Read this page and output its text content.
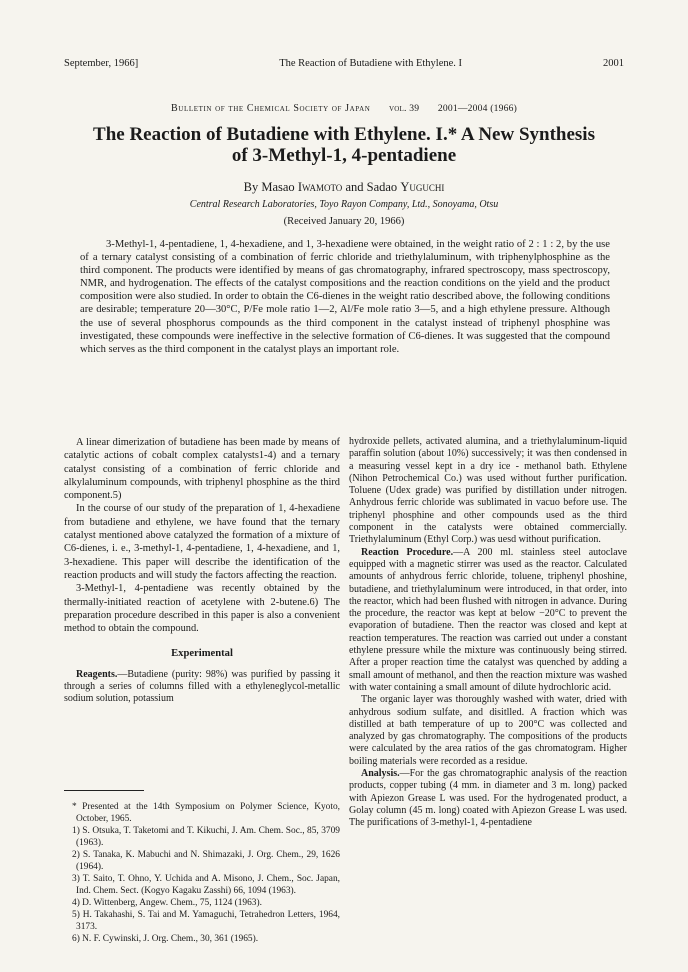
September, 1966]	The Reaction of Butadiene with Ethylene. I	2001
Bulletin of the Chemical Society of Japan vol. 39 2001—2004 (1966)
The Reaction of Butadiene with Ethylene. I.* A New Synthesis
of 3-Methyl-1, 4-pentadiene
By Masao Iwamoto and Sadao Yuguchi
Central Research Laboratories, Toyo Rayon Company, Ltd., Sonoyama, Otsu
(Received January 20, 1966)

3-Methyl-1, 4-pentadiene, 1, 4-hexadiene, and 1, 3-hexadiene were obtained, in the weight ratio of 2 : 1 : 2, by the use of a ternary catalyst consisting of a combination of ferric chloride and triethylaluminum, with triphenylphosphine as the third component. The products were identified by means of gas chromatography, infrared spectroscopy, mass spectroscopy, NMR, and hydrogenation. The effects of the catalyst compositions and the reaction conditions on the yield and the product composition were also studied. In order to obtain the C6-dienes in the weight ratio described above, the following conditions are desirable; temperature 20—30°C, P/Fe mole ratio 1—2, Al/Fe mole ratio 3—5, and a high ethylene pressure. Although the use of several phosphorus compounds as the third component in the catalyst instead of triphenyl phosphine was investigated, these compounds were ineffective in the selective formation of C6-dienes. It was suggested that the compound which serves as the third component in the catalyst plays an important role.

A linear dimerization of butadiene has been made by means of catalytic actions of cobalt complex catalysts1-4) and a ternary catalyst consisting of a combination of ferric chloride and alkylaluminum compounds, with triphenyl phosphine as the third component.5)

In the course of our study of the preparation of 1, 4-hexadiene from butadiene and ethylene, we have found that the ternary catalyst mentioned above catalyzed the formation of a mixture of C6-dienes, i. e., 3-methyl-1, 4-pentadiene, 1, 4-hexadiene, and 1, 3-hexadiene. This paper will describe the identification of the reaction products and will study the factors affecting the reaction.

3-Methyl-1, 4-pentadiene was recently obtained by the thermally-initiated reaction of acetylene with 2-butene.6) The preparation procedure described in this paper is also a convenient method to obtain the compound.

Experimental

Reagents.—Butadiene (purity: 98%) was purified by passing it through a series of columns filled with a ethyleneglycol-metallic sodium solution, potassium

* Presented at the 14th Symposium on Polymer Science, Kyoto, October, 1965.

1) S. Otsuka, T. Taketomi and T. Kikuchi, J. Am. Chem. Soc., 85, 3709 (1963).

2) S. Tanaka, K. Mabuchi and N. Shimazaki, J. Org. Chem., 29, 1626 (1964).

3) T. Saito, T. Ohno, Y. Uchida and A. Misono, J. Chem., Soc. Japan, Ind. Chem. Sect. (Kogyo Kagaku Zasshi) 66, 1094 (1963).

4) D. Wittenberg, Angew. Chem., 75, 1124 (1963).

5) H. Takahashi, S. Tai and M. Yamaguchi, Tetrahedron Letters, 1964, 3173.

6) N. F. Cywinski, J. Org. Chem., 30, 361 (1965).

hydroxide pellets, activated alumina, and a triethylaluminum-liquid paraffin solution (about 10%) successively; it was then condensed in a measuring vessel kept in a dry ice - methanol bath. Ethylene (Nihon Petrochemical Co.) was used without further purification. Toluene (Udex grade) was purified by distillation under nitrogen. Anhydrous ferric chloride was sublimated in vacuo before use. The triphenyl phosphine and other compounds used as the third component in the catalysts were obtained commercially. Triethylaluminum (Ethyl Corp.) was uesd without purification.

Reaction Procedure.—A 200 ml. stainless steel autoclave equipped with a magnetic stirrer was used as the reactor. Calculated amounts of anhydrous ferric chloride, toluene, triphenyl phoshine, butadiene, and triethylaluminum were introduced, in that order, into the reactor, which had been flushed with nitrogen in advance. During the procedure, the reactor was kept at below −20°C to prevent the evaporation of butadiene. Then the reactor was closed and kept at reaction temperatures. The reaction was carried out under a constant ethylene pressure while the mixture was continuously being stirred. After a proper reaction time the catalyst was quenched by adding a small amount of methanol, and then the reaction mixture was washed with water containing a small amount of dilute hydrochloric acid.

The organic layer was thoroughly washed with water, dried with anhydrous sodium sulfate, and disitlled. A fraction which was distilled at bath temperature of up to 200°C was collected and analyzed by gas chromatography. The compositions of the products were calculated by the area ratios of the gas chromatogram. Higher boiling materials were recorded as a residue.

Analysis.—For the gas chromatographic analysis of the reaction products, copper tubing (4 mm. in diameter and 3 m. long) packed with Apiezon Grease L was used. For the hydrogenated product, a Golay column (45 m. long) coated with Apiezon Grease L was used. The purifications of 3-methyl-1, 4-pentadiene
